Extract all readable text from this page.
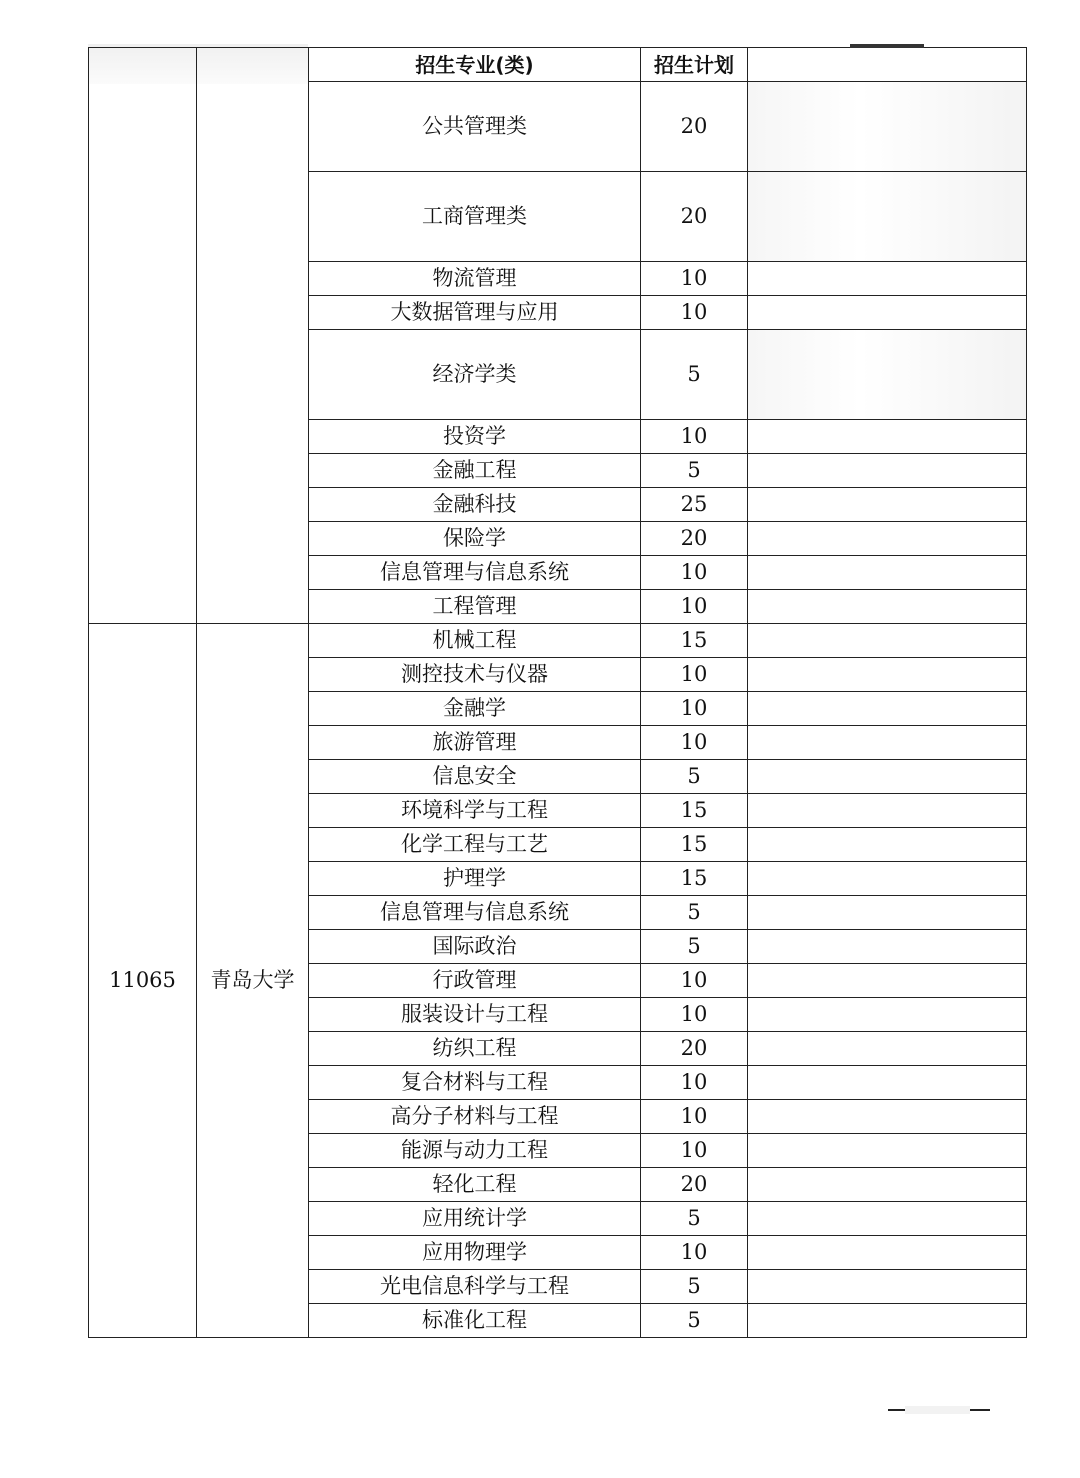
		招生专业(类)	招生计划	
		公共管理类	20	
		工商管理类	20	
		物流管理	10	
		大数据管理与应用	10	
		经济学类	5	
		投资学	10	
		金融工程	5	
		金融科技	25	
		保险学	20	
		信息管理与信息系统	10	
		工程管理	10	
11065	青岛大学	机械工程	15	
		测控技术与仪器	10	
		金融学	10	
		旅游管理	10	
		信息安全	5	
		环境科学与工程	15	
		化学工程与工艺	15	
		护理学	15	
		信息管理与信息系统	5	
		国际政治	5	
		行政管理	10	
		服装设计与工程	10	
		纺织工程	20	
		复合材料与工程	10	
		高分子材料与工程	10	
		能源与动力工程	10	
		轻化工程	20	
		应用统计学	5	
		应用物理学	10	
		光电信息科学与工程	5	
		标准化工程	5	
